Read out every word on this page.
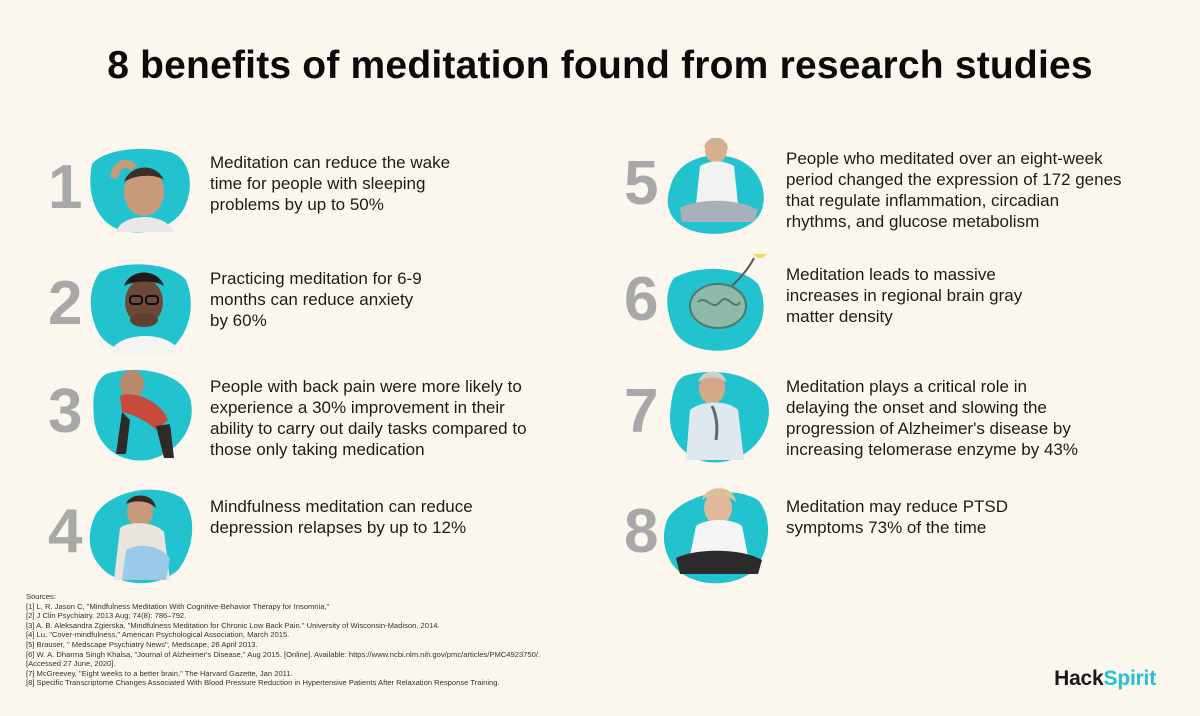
8 benefits of meditation found from research studies
1	Meditation can reduce the wake
time for people with sleeping
problems by up to 50%
2	Practicing meditation for 6-9
months can reduce anxiety
by 60%
3	People with back pain were more likely to
experience a 30% improvement in their
ability to carry out daily tasks compared to
those only taking medication
4	Mindfulness meditation can reduce
depression relapses by up to 12%
5	People who meditated over an eight-week
period changed the expression of 172 genes
that regulate inflammation, circadian
rhythms, and glucose metabolism
6	Meditation leads to massive
increases in regional brain gray
matter density
7	Meditation plays a critical role in
delaying the onset and slowing the
progression of Alzheimer's disease by
increasing telomerase enzyme by 43%
8	Meditation may reduce PTSD
symptoms 73% of the time
Sources:
[1] L. R. Jason C, "Mindfulness Meditation With Cognitive-Behavior Therapy for Insomnia,"
[2] J Clin Psychiatry. 2013 Aug; 74(8): 786–792.
[3] A. B. Aleksandra Zgierska, "Mindfulness Meditation for Chronic Low Back Pain." University of Wisconsin-Madison, 2014.
[4] Lu, "Cover-mindfulness," American Psychological Association, March 2015.
[5] Brauser, " Medscape Psychiatry News", Medscape, 26 April 2013.
[6] W. A. Dharma Singh Khalsa, "Journal of Alzheimer's Disease," Aug 2015. [Online]. Available: https://www.ncbi.nlm.nih.gov/pmc/articles/PMC4923750/.
[Accessed 27 June, 2020].
[7] McGreevey, "Eight weeks to a better brain," The Harvard Gazette, Jan 2011.
[8] Specific Transcriptome Changes Associated With Blood Pressure Reduction in Hypertensive Patients After Relaxation Response Training.	HackSpirit
